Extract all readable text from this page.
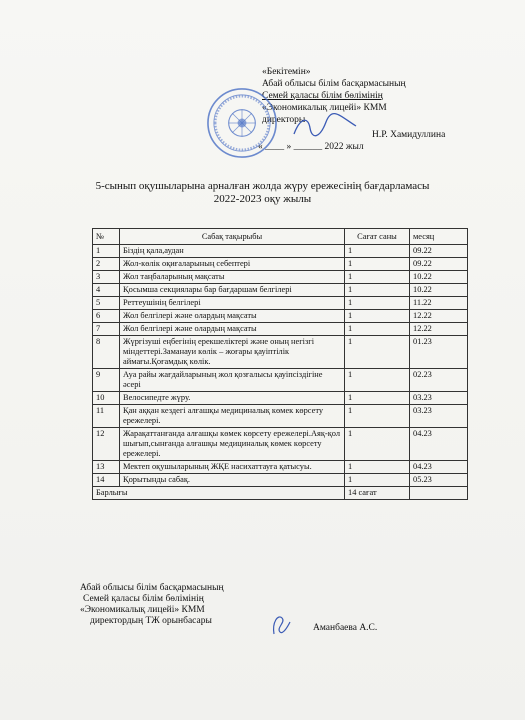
«Бекітемін»
Абай облысы білім басқармасының
Семей қаласы білім бөлімінің
«Экономикалық лицейі» КММ
директоры
Н.Р. Хамидуллина
« ____ » ______ 2022 жыл
5-сынып оқушыларына арналған жолда жүру ережесінің бағдарламасы
2022-2023 оқу жылы
№	Сабақ тақырыбы	Сағат саны	месяц
1	Біздің қала,аудан	1	09.22
2	Жол-көлік оқиғаларының себептері	1	09.22
3	Жол таңбаларының мақсаты	1	10.22
4	Қосымша секциялары бар бағдаршам белгілері	1	10.22
5	Реттеушінің белгілері	1	11.22
6	Жол белгілері және олардың мақсаты	1	12.22
7	Жол белгілері және олардың мақсаты	1	12.22
8	Жүргізуші еңбегінің ерекшеліктері және оның негізгі міндеттері.Заманауи көлік – жоғары қауіптілік аймағы.Қоғамдық көлік.	1	01.23
9	Ауа райы жағдайларының жол қозғалысы қауіпсіздігіне әсері	1	02.23
10	Велосипедте жүру.	1	03.23
11	Қан аққан кездегі алғашқы медициналық көмек көрсету ережелері.	1	03.23
12	Жарақаттанғанда алғашқы көмек көрсету ережелері.Аяқ-қол шығып,сынғанда алғашқы медициналық көмек көрсету ережелері.	1	04.23
13	Мектеп оқушыларының ЖҚЕ насихаттауға қатысуы.	1	04.23
14	Қорытынды сабақ.	1	05.23
Барлығы		14 сағат	
Абай облысы білім басқармасының
Семей қаласы білім бөлімінің
«Экономикалық лицейі» КММ
директордың ТЖ орынбасары
Аманбаева А.С.
